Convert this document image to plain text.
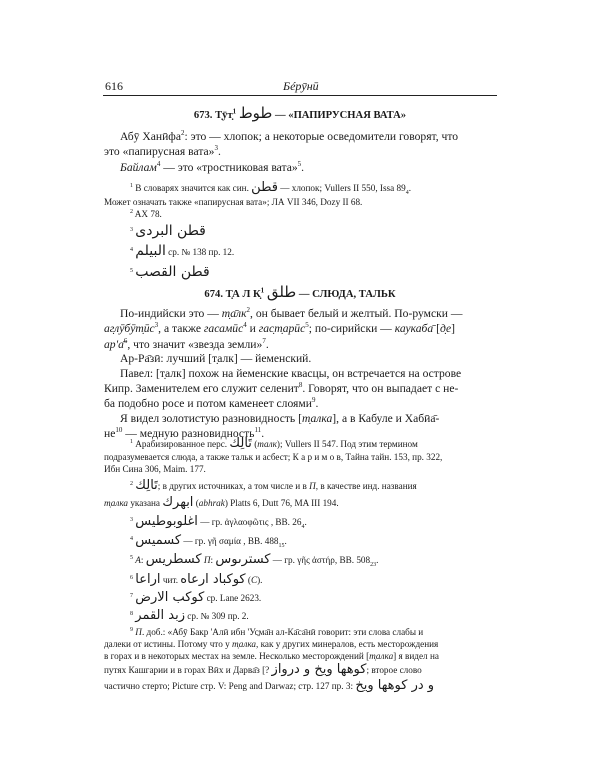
616	Бéрӯнӣ
673. Т̣ӯт̣$^1$ طوط — «ПАПИРУСНАЯ ВАТА»
Абӯ Ханӣфа$^2$: это — хлопок; а некоторые осведомители говорят, что
это «папирусная вата»$^3$.
Байлам$^4$ — это «тростниковая вата»$^5$.
$^1$ В словарях значится как син. قطن — хлопок; Vullers II 550, Issa $89_4$.
Может означать также «папирусная вата»; ЛА VII 346, Dozy II 68.
$^2$ AX 78.
$^3$ قطن البردى
$^4$ البيلم ср. № 138 пр. 12.
$^5$ قطن القصب
674. Т̣А Л К̣$^1$ طلق — СЛЮДА, ТАЛЬК
По-индийски это — $т̣а̄лк^2$, он бывает белый и желтый. По-румски —
$аг̣лӯбӯт̣ӣс^3$, а также гасамӣс$^4$ и гас̣т̣арӣс$^5$; по-сирийски — каукаба̄ [д̣е]
ар'а̄$^6$, что значит «звезда земли»$^7$.
Ар-Ра̄зӣ: лучший [т̣алк] — йеменский.
Павел: [т̣алк] похож на йеменские квасцы, он встречается на острове
Кипр. Заменителем его служит селенит$^8$. Говорят, что он выпадает с не-
ба подобно росе и потом каменеет слоями$^9$.
Я видел золотистую разновидность [т̣алка], а в Кабуле и Хабӣа̄-
$не^{10}$ — медную разновидность$^{11}$.
$^1$ Арабизированное перс. تَالِك (талк); Vullers II 547. Под этим термином
подразумевается слюда, а также тальк и асбест; К а р и м о в, Тайна тайн. 153, пр. 322,
Ибн Сина 306, Maim. 177.
$^2$ تَالِك; в других источниках, а том числе и в П, в качестве инд. названия
т̣алка указана ابهرك (abhrak) Platts 6, Dutt 76, MA III 194.
$^3$ اغلوبوطيس — гр. ἀγλαοφῶτις , BB. $26_4$.
$^4$ كسميس — гр. γῆ σαμία , BB. $488_{15}$.
$^5$ A: كسطريس П: كسترىوس — гр. γῆς ἀστήρ, BB. $508_{23}$.
$^6$ اراعا чит. كوكباد ارعاه (C).
$^7$ كوكب الارض ср. Lane 2623.
$^8$ زبد القمر ср. № 309 пр. 2.
$^9$ П. доб.: «Абӯ Бакр 'Алӣ ибн 'Ус̱ма̄н ал-Ка̄са̄нӣ говорит: эти слова слабы и
далеки от истины. Потому что у т̣алка, как у других минералов, есть месторождения
в горах и в некоторых местах на земле. Несколько месторождений [т̣алка] я видел на
путях Кашгарии и в горах Вӣх и Дарва̄з [? كوهها ويخ و درواز; второе слово
частично стерто; Picture стр. V: Peng and Darwaz; стр. 127 пр. 3: و در كوهها ويخ
